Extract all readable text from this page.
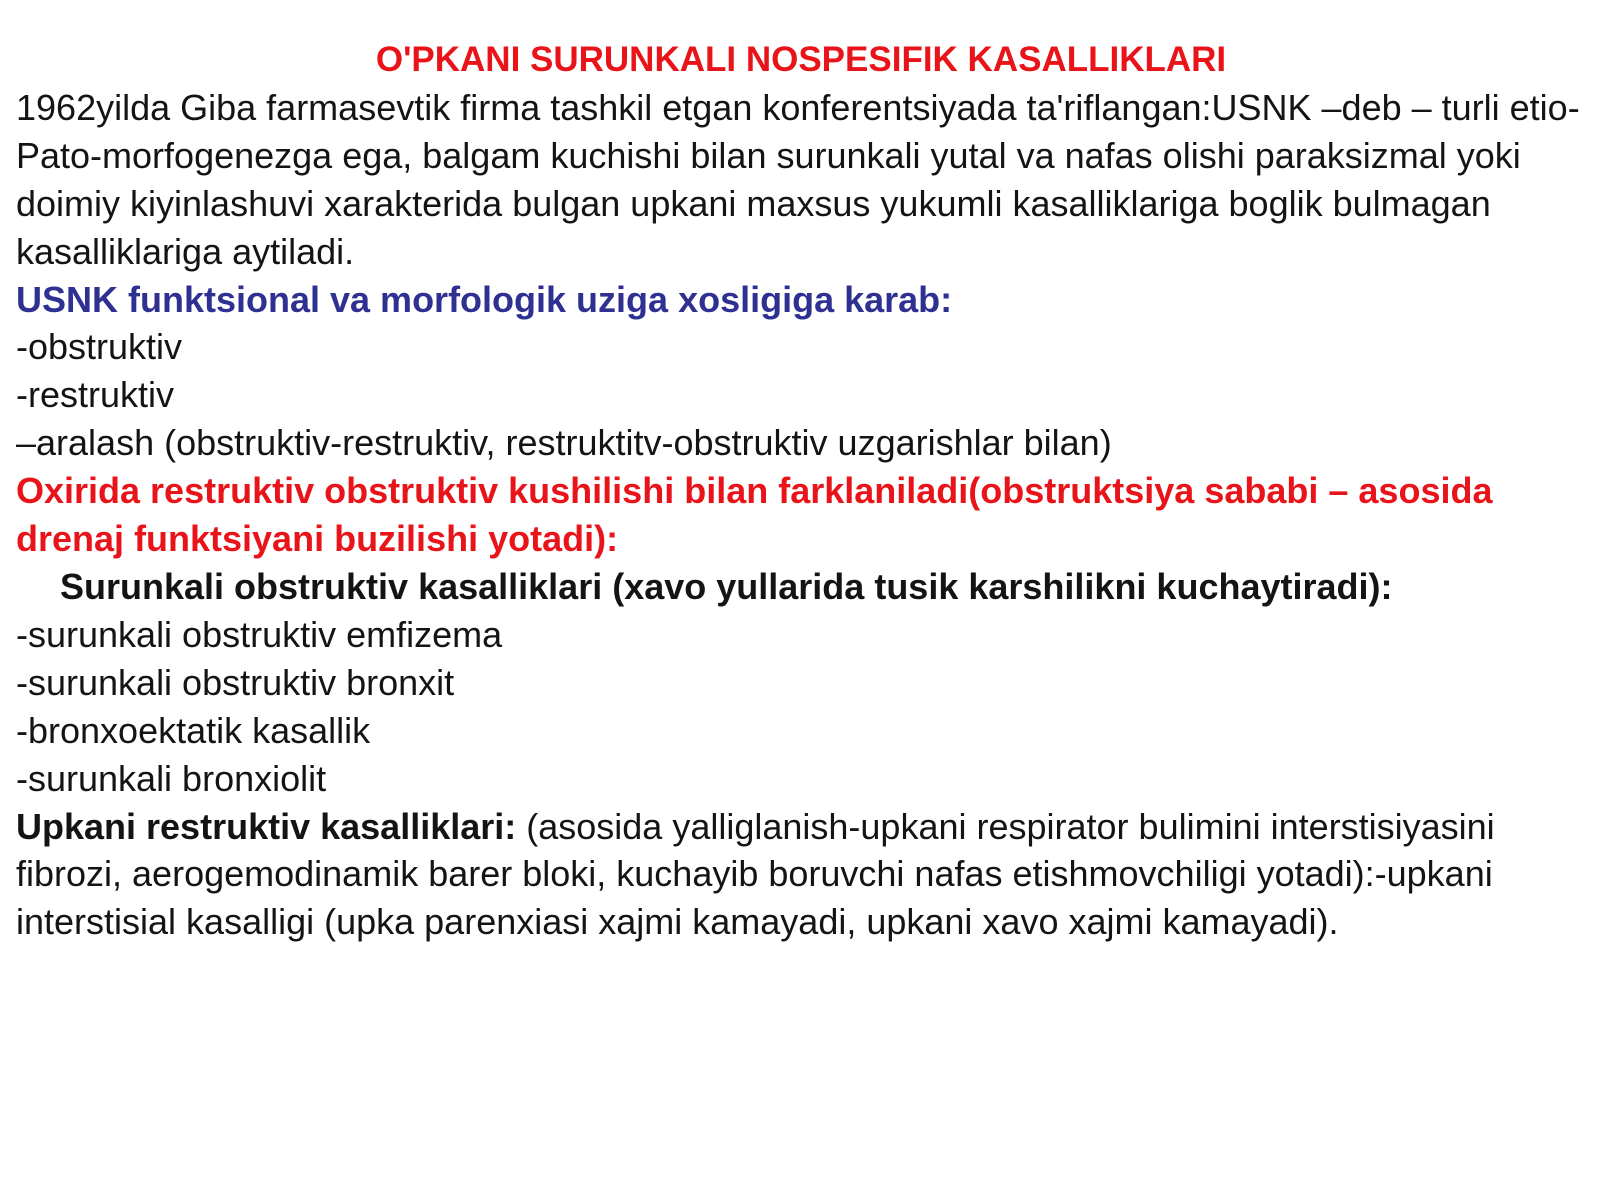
O'PKANI SURUNKALI NOSPESIFIK KASALLIKLARI

1962yilda Giba farmasevtik firma tashkil etgan konferentsiyada ta'riflangan:USNK –deb – turli etio-Pato-morfogenezga ega, balgam kuchishi bilan surunkali yutal va nafas olishi paraksizmal yoki doimiy kiyinlashuvi xarakterida bulgan upkani maxsus yukumli kasalliklariga boglik bulmagan kasalliklariga aytiladi.

USNK funktsional va morfologik uziga xosligiga karab:

-obstruktiv

-restruktiv

–aralash (obstruktiv-restruktiv, restruktitv-obstruktiv uzgarishlar bilan)

Oxirida restruktiv obstruktiv kushilishi bilan farklaniladi(obstruktsiya sababi – asosida drenaj funktsiyani buzilishi yotadi):

Surunkali obstruktiv kasalliklari (xavo yullarida tusik karshilikni kuchaytiradi):

-surunkali obstruktiv emfizema

-surunkali obstruktiv bronxit

-bronxoektatik kasallik

-surunkali bronxiolit

Upkani restruktiv kasalliklari: (asosida yalliglanish-upkani respirator bulimini interstisiyasini fibrozi, aerogemodinamik barer bloki, kuchayib boruvchi nafas etishmovchiligi yotadi):-upkani interstisial kasalligi (upka parenxiasi xajmi kamayadi, upkani xavo xajmi kamayadi).
